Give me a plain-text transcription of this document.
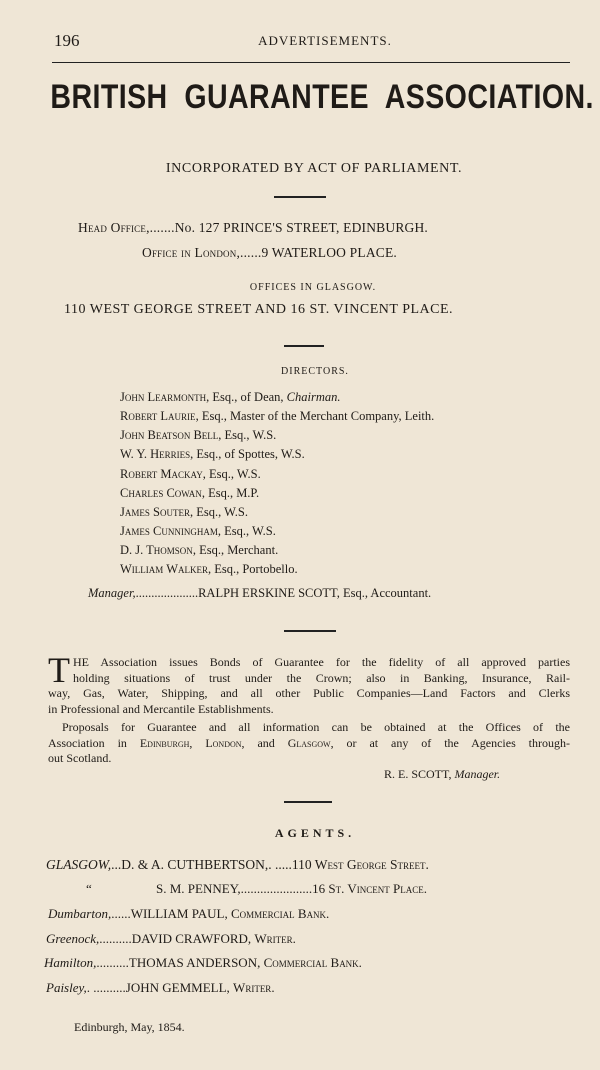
196	ADVERTISEMENTS.
BRITISH GUARANTEE ASSOCIATION.
INCORPORATED BY ACT OF PARLIAMENT.
Head Office,.......No. 127 PRINCE'S STREET, EDINBURGH.
Office in London,......9 WATERLOO PLACE.
OFFICES IN GLASGOW.
110 WEST GEORGE STREET AND 16 ST. VINCENT PLACE.
DIRECTORS.
John Learmonth, Esq., of Dean, Chairman.
Robert Laurie, Esq., Master of the Merchant Company, Leith.
John Beatson Bell, Esq., W.S.
W. Y. Herries, Esq., of Spottes, W.S.
Robert Mackay, Esq., W.S.
Charles Cowan, Esq., M.P.
James Souter, Esq., W.S.
James Cunningham, Esq., W.S.
D. J. Thomson, Esq., Merchant.
William Walker, Esq., Portobello.
Manager,....................RALPH ERSKINE SCOTT, Esq., Accountant.
T HE Association issues Bonds of Guarantee for the fidelity of all approved parties
holding situations of trust under the Crown; also in Banking, Insurance, Rail-
way, Gas, Water, Shipping, and all other Public Companies—Land Factors and Clerks
in Professional and Mercantile Establishments.
Proposals for Guarantee and all information can be obtained at the Offices of the
Association in Edinburgh, London, and Glasgow, or at any of the Agencies through-
out Scotland.
R. E. SCOTT, Manager.
AGENTS.
GLASGOW,...D. & A. CUTHBERTSON,. .....110 West George Street.
“	S. M. PENNEY,......................16 St. Vincent Place.
Dumbarton,......WILLIAM PAUL, Commercial Bank.
Greenock,..........DAVID CRAWFORD, Writer.
Hamilton,..........THOMAS ANDERSON, Commercial Bank.
Paisley,. ..........JOHN GEMMELL, Writer.
Edinburgh, May, 1854.
